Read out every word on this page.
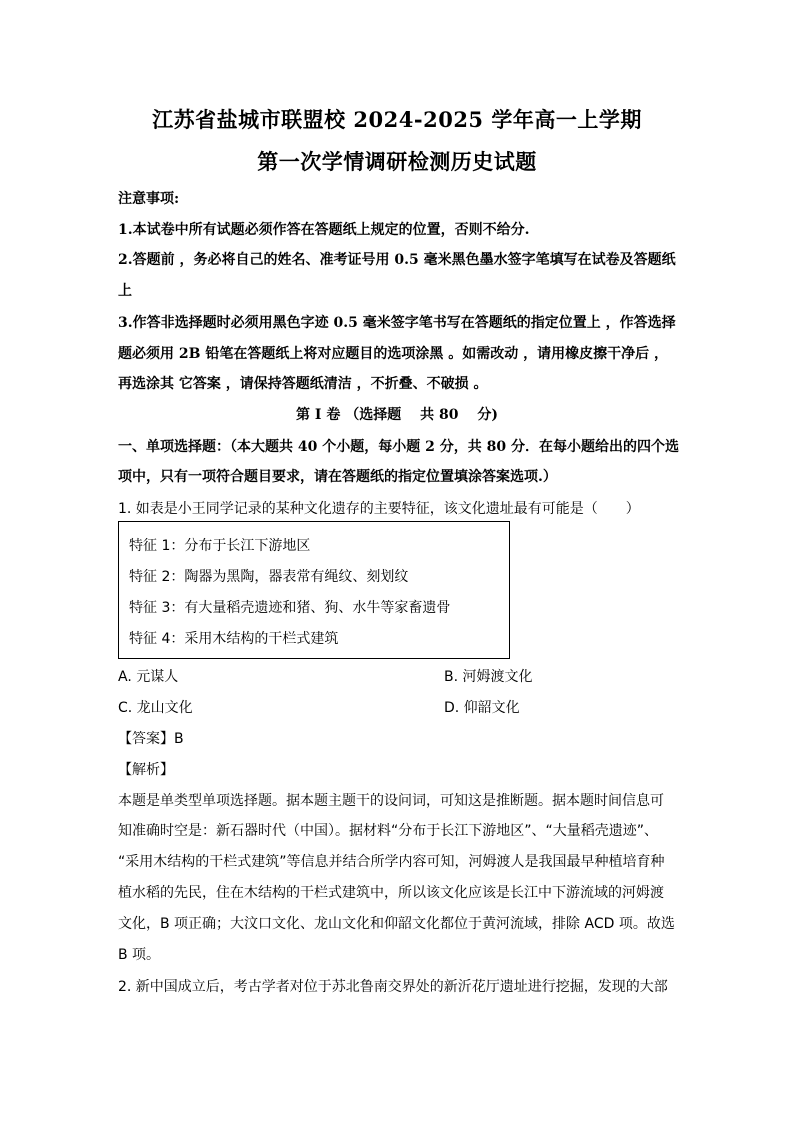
江苏省盐城市联盟校 2024-2025 学年高一上学期
第一次学情调研检测历史试题
注意事项:
1.本试卷中所有试题必须作答在答题纸上规定的位置，否则不给分.
2.答题前 ，务必将自己的姓名、准考证号用 0.5 毫米黑色墨水签字笔填写在试卷及答题纸
上
3.作答非选择题时必须用黑色字迹 0.5 毫米签字笔书写在答题纸的指定位置上 ，作答选择
题必须用 2B 铅笔在答题纸上将对应题目的选项涂黑 。如需改动 ，请用橡皮擦干净后 ，
再选涂其 它答案 ，请保持答题纸清洁 ，不折叠、不破损 。
第 I 卷 （选择题 　共 80 　分)
一、单项选择题：（本大题共 40 个小题，每小题 2 分，共 80 分．在每小题给出的四个选
项中，只有一项符合题目要求，请在答题纸的指定位置填涂答案选项.）
1. 如表是小王同学记录的某种文化遗存的主要特征，该文化遗址最有可能是（　　）
特征 1：分布于长江下游地区
特征 2：陶器为黑陶，器表常有绳纹、刻划纹
特征 3：有大量稻壳遗迹和猪、狗、水牛等家畜遗骨
特征 4：采用木结构的干栏式建筑
A. 元谋人	B. 河姆渡文化
C. 龙山文化	D. 仰韶文化
【答案】B
【解析】
本题是单类型单项选择题。据本题主题干的设问词，可知这是推断题。据本题时间信息可
知准确时空是：新石器时代（中国）。据材料“分布于长江下游地区”、“大量稻壳遗迹”、
“采用木结构的干栏式建筑”等信息并结合所学内容可知，河姆渡人是我国最早种植培育种
植水稻的先民，住在木结构的干栏式建筑中，所以该文化应该是长江中下游流域的河姆渡
文化，B 项正确；大汶口文化、龙山文化和仰韶文化都位于黄河流域，排除 ACD 项。故选
B 项。
2. 新中国成立后，考古学者对位于苏北鲁南交界处的新沂花厅遗址进行挖掘，发现的大部
